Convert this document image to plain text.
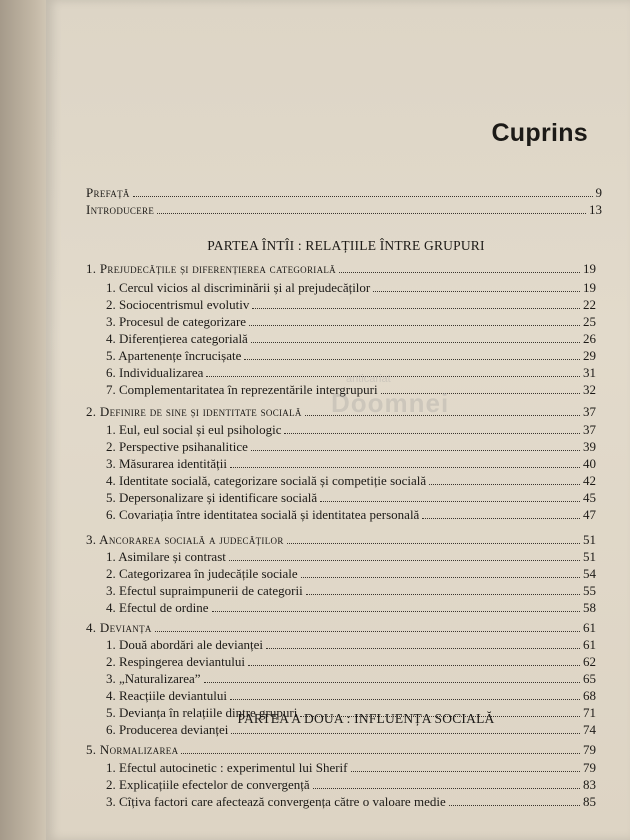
Cuprins
Prefață	9
Introducere	13
PARTEA ÎNTÎI : RELAȚIILE ÎNTRE GRUPURI
1. Prejudecățile și diferențierea categorială	19
1. Cercul vicios al discriminării și al prejudecăților	19
2. Sociocentrismul evolutiv	22
3. Procesul de categorizare	25
4. Diferențierea categorială	26
5. Apartenențe încrucișate	29
6. Individualizarea	31
7. Complementaritatea în reprezentările intergrupuri	32
2. Definire de sine și identitate socială	37
1. Eul, eul social și eul psihologic	37
2. Perspective psihanalitice	39
3. Măsurarea identității	40
4. Identitate socială, categorizare socială și competiție socială	42
5. Depersonalizare și identificare socială	45
6. Covariația între identitatea socială și identitatea personală	47
3. Ancorarea socială a judecăților	51
1. Asimilare și contrast	51
2. Categorizarea în judecățile sociale	54
3. Efectul supraimpunerii de categorii	55
4. Efectul de ordine	58
4. Devianța	61
1. Două abordări ale devianței	61
2. Respingerea deviantului	62
3. „Naturalizarea”	65
4. Reacțiile deviantului	68
5. Devianța în relațiile dintre grupuri	71
6. Producerea devianței	74
PARTEA A DOUA : INFLUENȚA SOCIALĂ
5. Normalizarea	79
1. Efectul autocinetic : experimentul lui Sherif	79
2. Explicațiile efectelor de convergență	83
3. Cîțiva factori care afectează convergența către o valoare medie	85
anticariat
Doomnei
